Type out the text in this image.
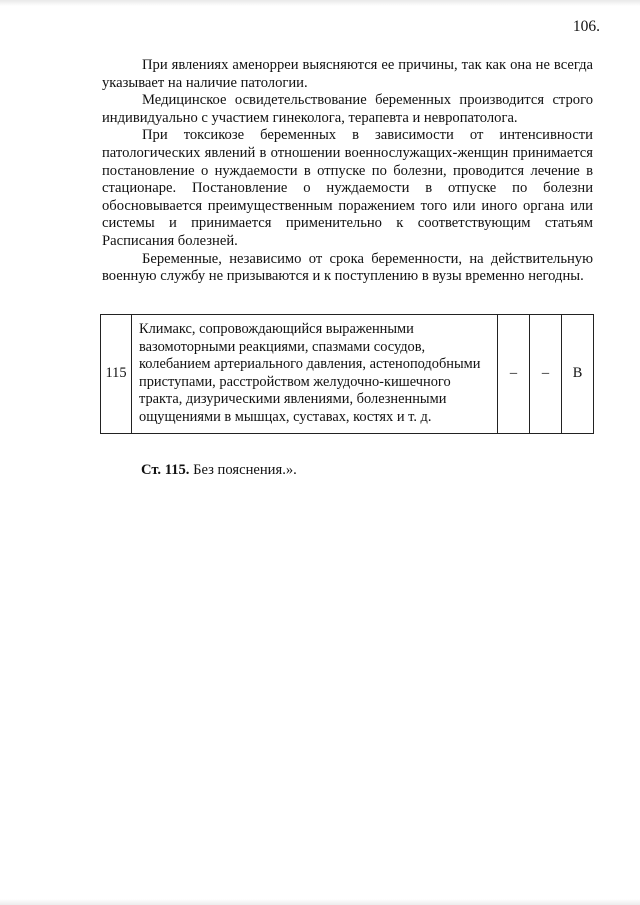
106.

При явлениях аменорреи выясняются ее причины, так как она не всегда указывает на наличие патологии.

Медицинское освидетельствование беременных производится строго индивидуально с участием гинеколога, терапевта и невропатолога.

При токсикозе беременных в зависимости от интенсивности патологических явлений в отношении военнослужащих-женщин принимается постановление о нуждаемости в отпуске по болезни, проводится лечение в стационаре. Постановление о нуждаемости в отпуске по болезни обосновывается преимущественным поражением того или иного органа или системы и принимается применительно к соответствующим статьям Расписания болезней.

Беременные, независимо от срока беременности, на действительную военную службу не призываются и к поступлению в вузы временно негодны.

115	Климакс, сопровождающийся выраженными вазомоторными реакциями, спазмами сосудов, колебанием артериального давления, астеноподобными приступами, расстройством желудочно-кишечного тракта, дизурическими явлениями, болезненными ощущениями в мышцах, суставах, костях и т. д.	–	–	В
Ст. 115. Без пояснения.».
